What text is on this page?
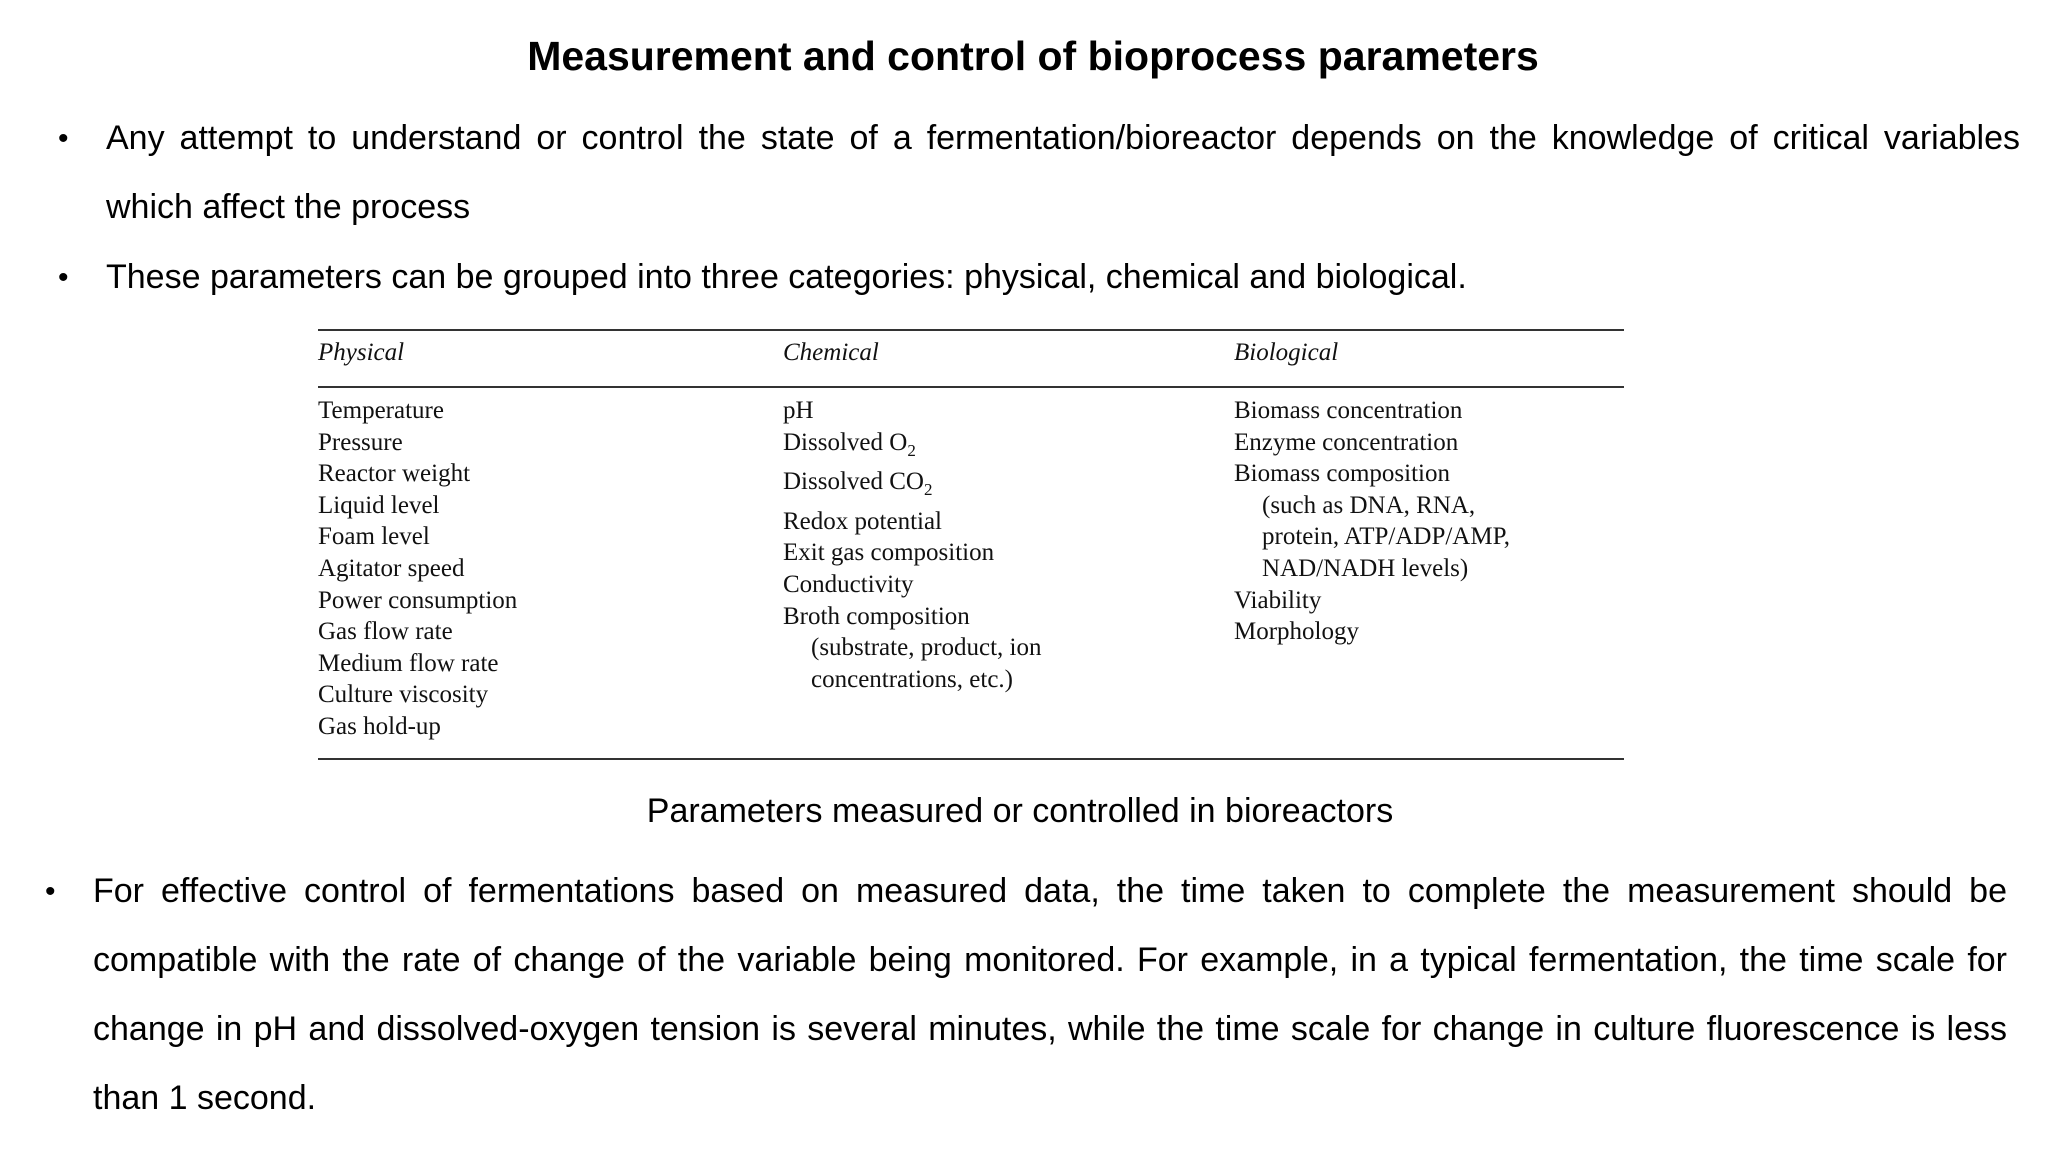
Measurement and control of bioprocess parameters
• Any attempt to understand or control the state of a fermentation/bioreactor depends on the knowledge of critical variables which affect the process
• These parameters can be grouped into three categories: physical, chemical and biological.
Physical	Chemical	Biological
Temperature
Pressure
Reactor weight
Liquid level
Foam level
Agitator speed
Power consumption
Gas flow rate
Medium flow rate
Culture viscosity
Gas hold-up
pH
Dissolved $O_2$
Dissolved $CO_2$
Redox potential
Exit gas composition
Conductivity
Broth composition
(substrate, product, ion
concentrations, etc.)
Biomass concentration
Enzyme concentration
Biomass composition
(such as DNA, RNA,
protein, ATP/ADP/AMP,
NAD/NADH levels)
Viability
Morphology
Parameters measured or controlled in bioreactors
• For effective control of fermentations based on measured data, the time taken to complete the measurement should be compatible with the rate of change of the variable being monitored. For example, in a typical fermentation, the time scale for change in pH and dissolved-oxygen tension is several minutes, while the time scale for change in culture fluorescence is less than 1 second.
